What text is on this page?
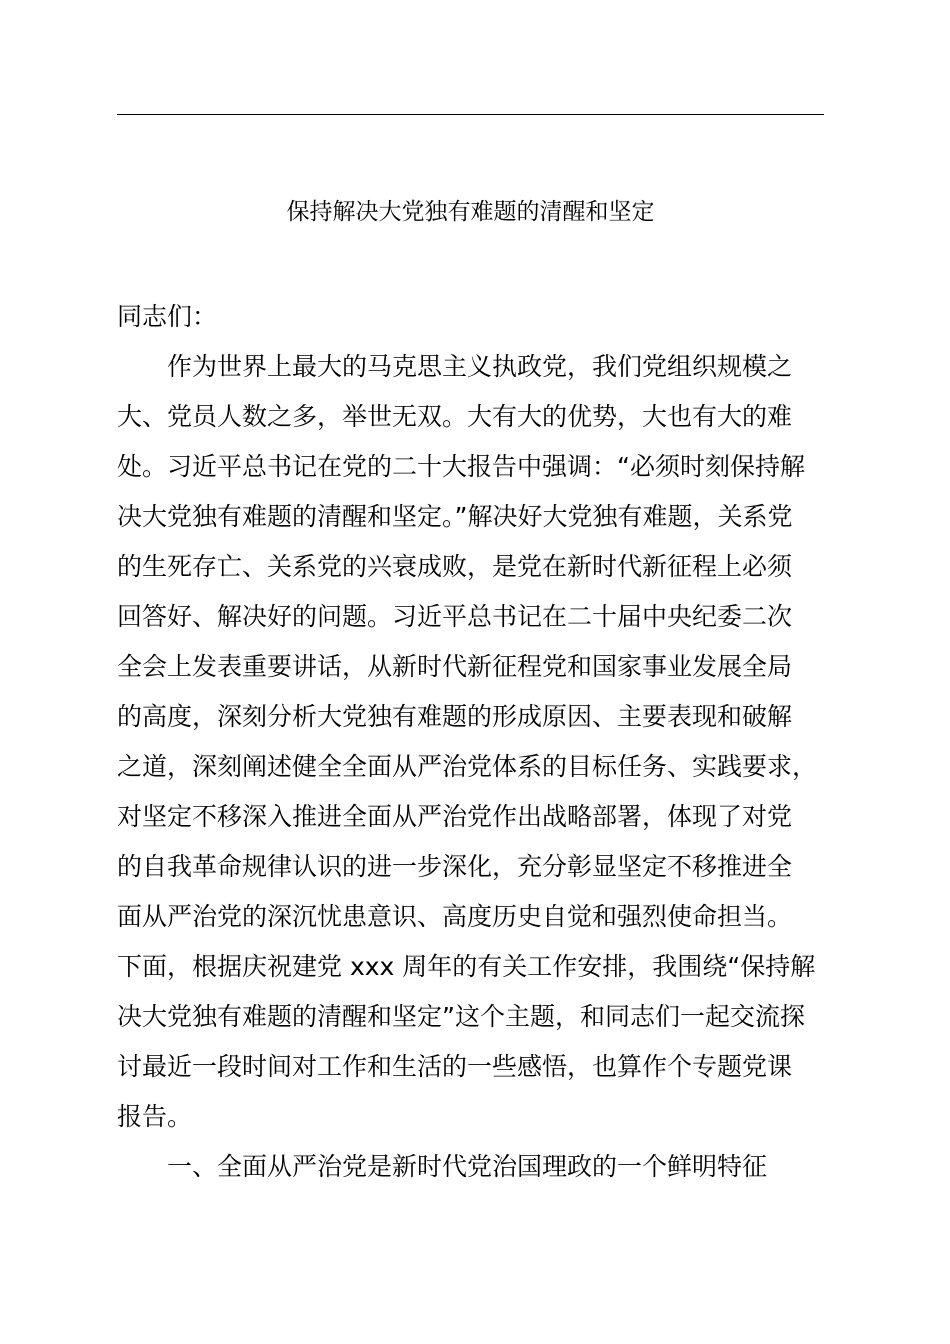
保持解决大党独有难题的清醒和坚定

同志们：

作为世界上最大的马克思主义执政党，我们党组织规模之
大、党员人数之多，举世无双。大有大的优势，大也有大的难
处。习近平总书记在党的二十大报告中强调：“必须时刻保持解
决大党独有难题的清醒和坚定。”解决好大党独有难题，关系党
的生死存亡、关系党的兴衰成败，是党在新时代新征程上必须
回答好、解决好的问题。习近平总书记在二十届中央纪委二次
全会上发表重要讲话，从新时代新征程党和国家事业发展全局
的高度，深刻分析大党独有难题的形成原因、主要表现和破解
之道，深刻阐述健全全面从严治党体系的目标任务、实践要求，
对坚定不移深入推进全面从严治党作出战略部署，体现了对党
的自我革命规律认识的进一步深化，充分彰显坚定不移推进全
面从严治党的深沉忧患意识、高度历史自觉和强烈使命担当。
下面，根据庆祝建党 xxx 周年的有关工作安排，我围绕“保持解
决大党独有难题的清醒和坚定”这个主题，和同志们一起交流探
讨最近一段时间对工作和生活的一些感悟，也算作个专题党课
报告。

一、全面从严治党是新时代党治国理政的一个鲜明特征
